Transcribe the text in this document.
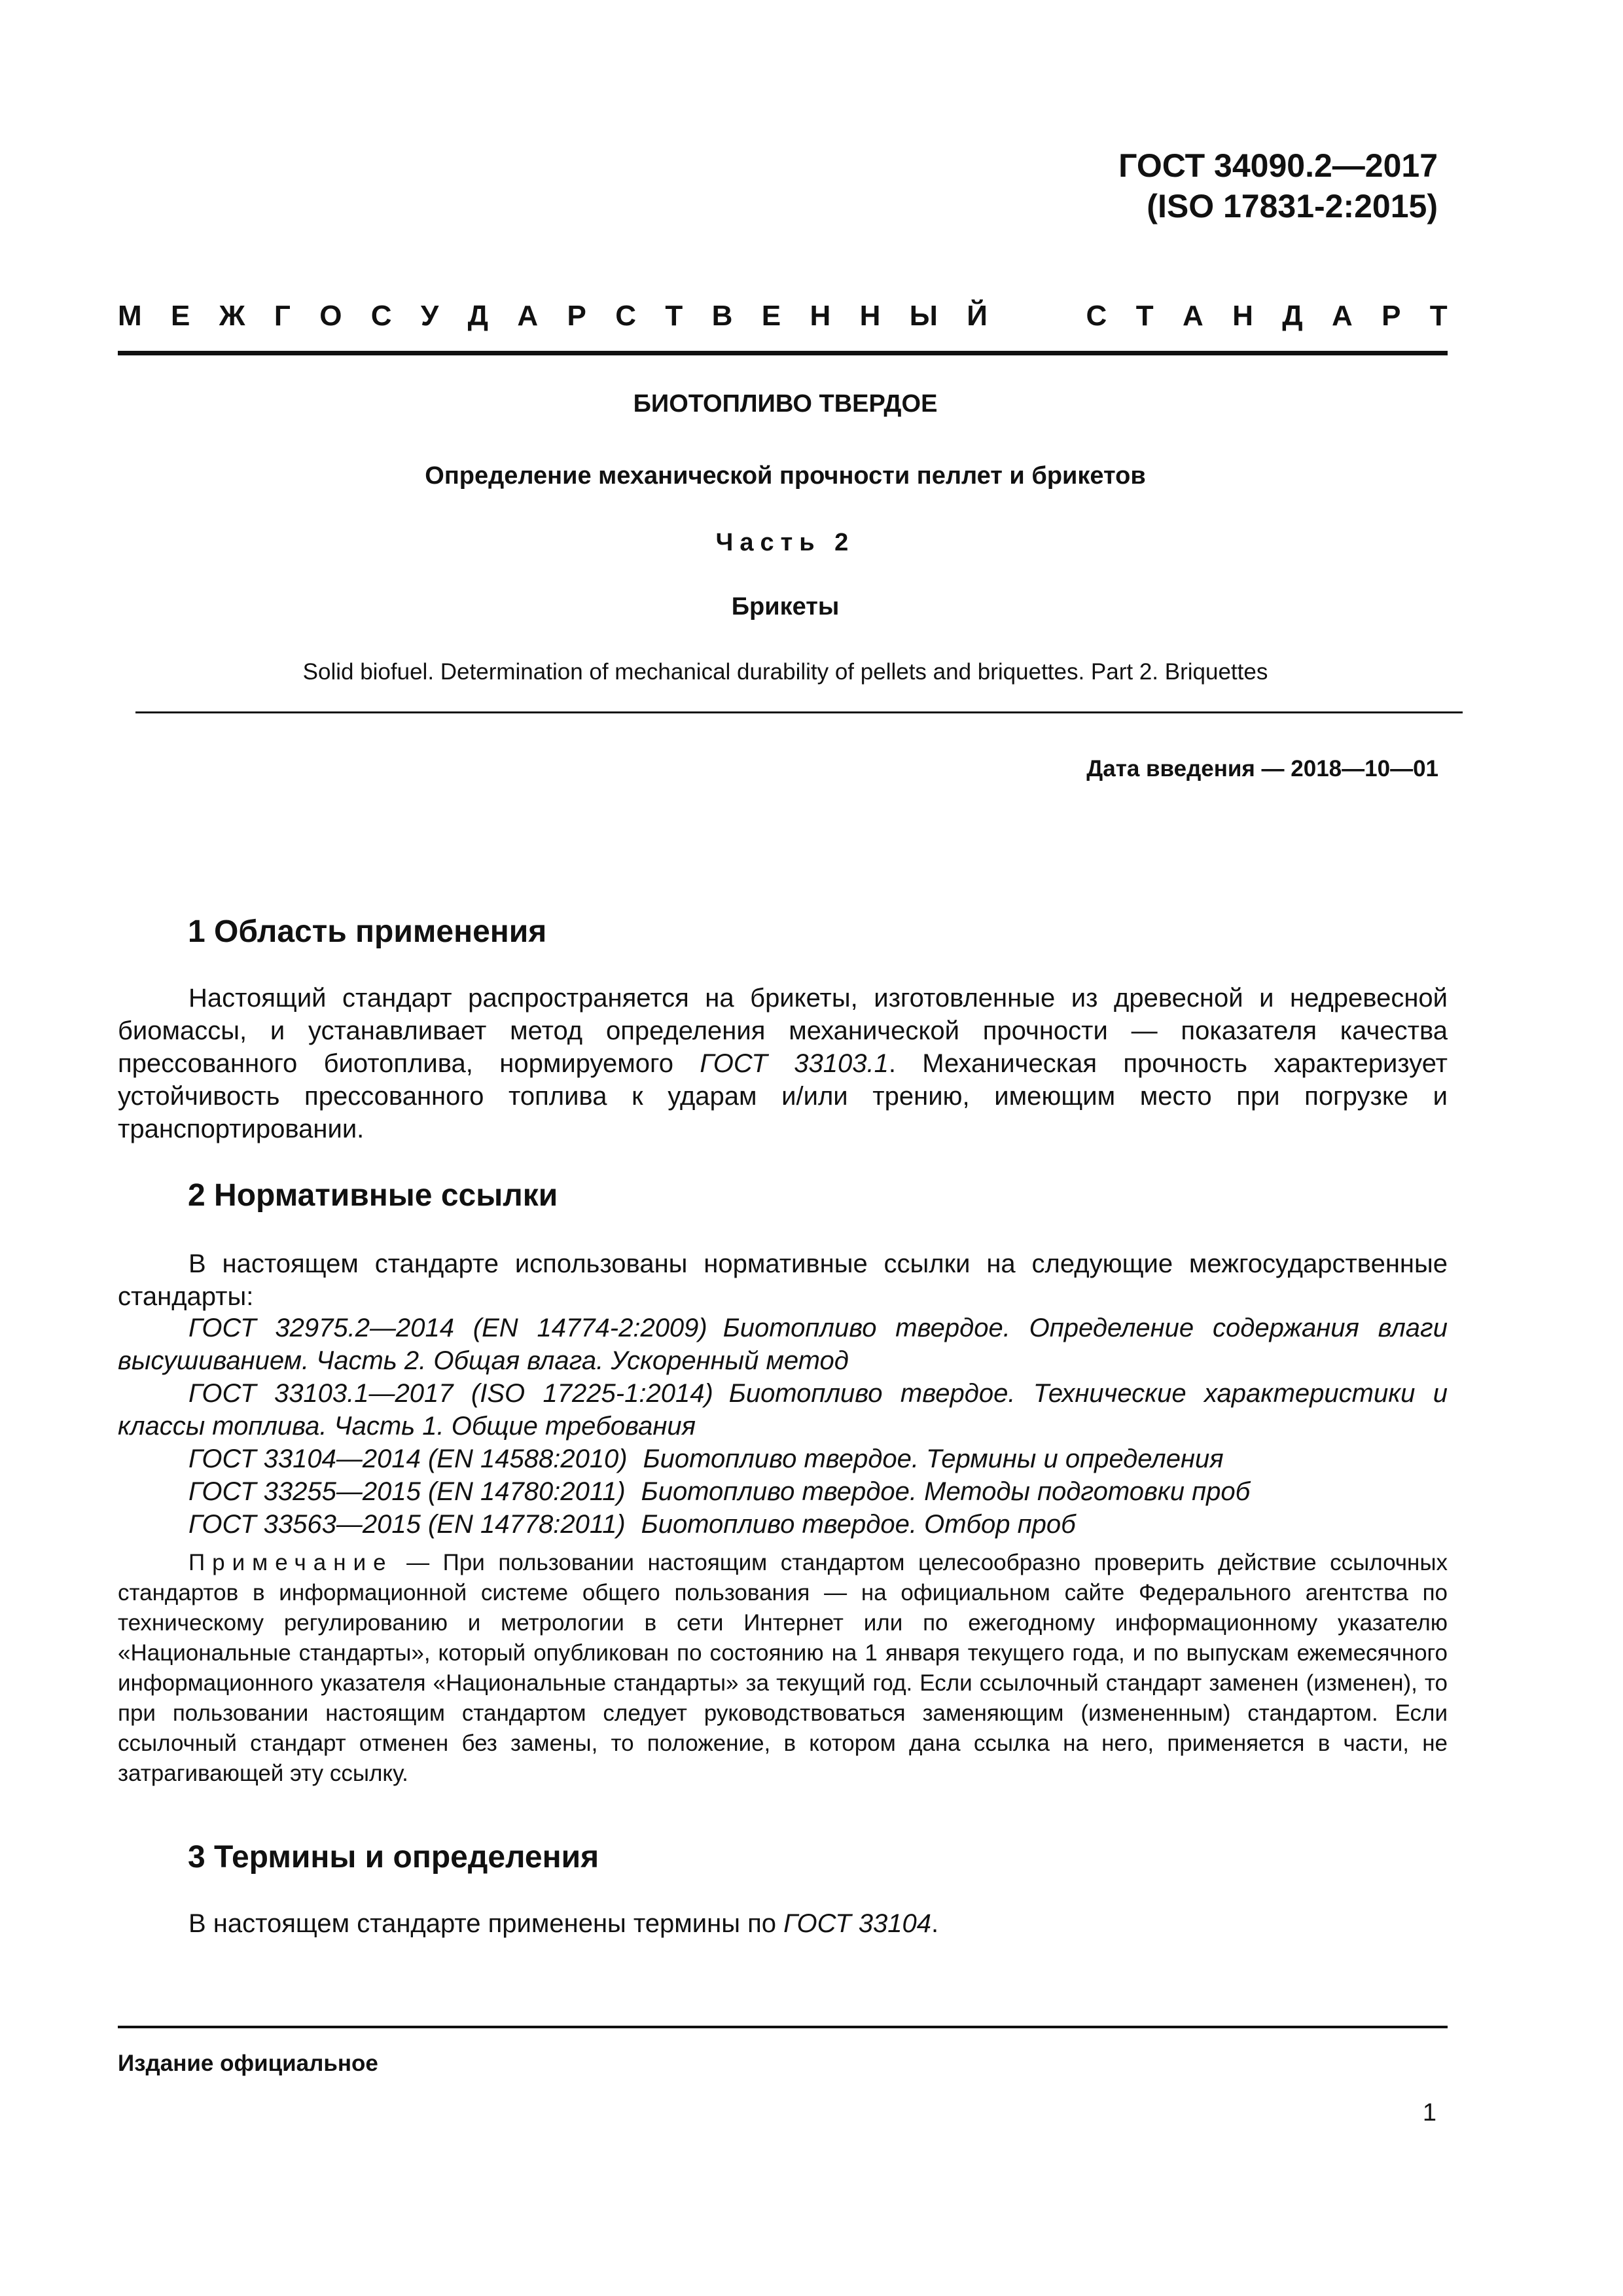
ГОСТ 34090.2—2017
(ISO 17831-2:2015)
М Е Ж Г О С У Д А Р С Т В Е Н Н Ы Й	С Т А Н Д А Р Т
БИОТОПЛИВО ТВЕРДОЕ
Определение механической прочности пеллет и брикетов
Часть 2
Брикеты
Solid biofuel. Determination of mechanical durability of pellets and briquettes. Part 2. Briquettes
Дата введения — 2018—10—01
1 Область применения

Настоящий стандарт распространяется на брикеты, изготовленные из древесной и недревесной биомассы, и устанавливает метод определения механической прочности — показателя качества прессованного биотоплива, нормируемого ГОСТ 33103.1. Механическая прочность характеризует устойчивость прессованного топлива к ударам и/или трению, имеющим место при погрузке и транспортировании.

2 Нормативные ссылки

В настоящем стандарте использованы нормативные ссылки на следующие межгосударственные стандарты:

ГОСТ 32975.2—2014 (EN 14774-2:2009) Биотопливо твердое. Определение содержания влаги высушиванием. Часть 2. Общая влага. Ускоренный метод
ГОСТ 33103.1—2017 (ISO 17225-1:2014) Биотопливо твердое. Технические характеристики и классы топлива. Часть 1. Общие требования
ГОСТ 33104—2014 (EN 14588:2010) Биотопливо твердое. Термины и определения
ГОСТ 33255—2015 (EN 14780:2011) Биотопливо твердое. Методы подготовки проб
ГОСТ 33563—2015 (EN 14778:2011) Биотопливо твердое. Отбор проб

Примечание — При пользовании настоящим стандартом целесообразно проверить действие ссылочных стандартов в информационной системе общего пользования — на официальном сайте Федерального агентства по техническому регулированию и метрологии в сети Интернет или по ежегодному информационному указателю «Национальные стандарты», который опубликован по состоянию на 1 января текущего года, и по выпускам ежемесячного информационного указателя «Национальные стандарты» за текущий год. Если ссылочный стандарт заменен (изменен), то при пользовании настоящим стандартом следует руководствоваться заменяющим (измененным) стандартом. Если ссылочный стандарт отменен без замены, то положение, в котором дана ссылка на него, применяется в части, не затрагивающей эту ссылку.

3 Термины и определения

В настоящем стандарте применены термины по ГОСТ 33104.

Издание официальное
1
